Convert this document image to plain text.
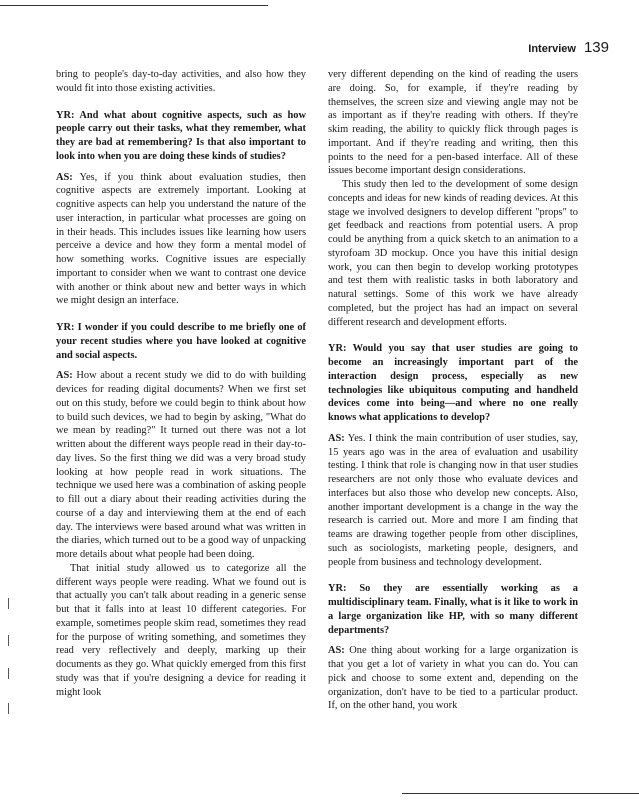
Interview 139

bring to people's day-to-day activities, and also how they would fit into those existing activities.

YR: And what about cognitive aspects, such as how people carry out their tasks, what they remember, what they are bad at remembering? Is that also important to look into when you are doing these kinds of studies?

AS: Yes, if you think about evaluation studies, then cognitive aspects are extremely important. Looking at cognitive aspects can help you understand the nature of the user interaction, in particular what processes are going on in their heads. This includes issues like learning how users perceive a device and how they form a mental model of how something works. Cognitive issues are especially important to consider when we want to contrast one device with another or think about new and better ways in which we might design an interface.

YR: I wonder if you could describe to me briefly one of your recent studies where you have looked at cognitive and social aspects.

AS: How about a recent study we did to do with building devices for reading digital documents? When we first set out on this study, before we could begin to think about how to build such devices, we had to begin by asking, "What do we mean by reading?" It turned out there was not a lot written about the different ways people read in their day-to-day lives. So the first thing we did was a very broad study looking at how people read in work situations. The technique we used here was a combination of asking people to fill out a diary about their reading activities during the course of a day and interviewing them at the end of each day. The interviews were based around what was written in the diaries, which turned out to be a good way of unpacking more details about what people had been doing.

That initial study allowed us to categorize all the different ways people were reading. What we found out is that actually you can't talk about reading in a generic sense but that it falls into at least 10 different categories. For example, sometimes people skim read, sometimes they read for the purpose of writing something, and sometimes they read very reflectively and deeply, marking up their documents as they go. What quickly emerged from this first study was that if you're designing a device for reading it might look

very different depending on the kind of reading the users are doing. So, for example, if they're reading by themselves, the screen size and viewing angle may not be as important as if they're reading with others. If they're skim reading, the ability to quickly flick through pages is important. And if they're reading and writing, then this points to the need for a pen-based interface. All of these issues become important design considerations.

This study then led to the development of some design concepts and ideas for new kinds of reading devices. At this stage we involved designers to develop different "props" to get feedback and reactions from potential users. A prop could be anything from a quick sketch to an animation to a styrofoam 3D mockup. Once you have this initial design work, you can then begin to develop working prototypes and test them with realistic tasks in both laboratory and natural settings. Some of this work we have already completed, but the project has had an impact on several different research and development efforts.

YR: Would you say that user studies are going to become an increasingly important part of the interaction design process, especially as new technologies like ubiquitous computing and handheld devices come into being—and where no one really knows what applications to develop?

AS: Yes. I think the main contribution of user studies, say, 15 years ago was in the area of evaluation and usability testing. I think that role is changing now in that user studies researchers are not only those who evaluate devices and interfaces but also those who develop new concepts. Also, another important development is a change in the way the research is carried out. More and more I am finding that teams are drawing together people from other disciplines, such as sociologists, marketing people, designers, and people from business and technology development.

YR: So they are essentially working as a multidisciplinary team. Finally, what is it like to work in a large organization like HP, with so many different departments?

AS: One thing about working for a large organization is that you get a lot of variety in what you can do. You can pick and choose to some extent and, depending on the organization, don't have to be tied to a particular product. If, on the other hand, you work
